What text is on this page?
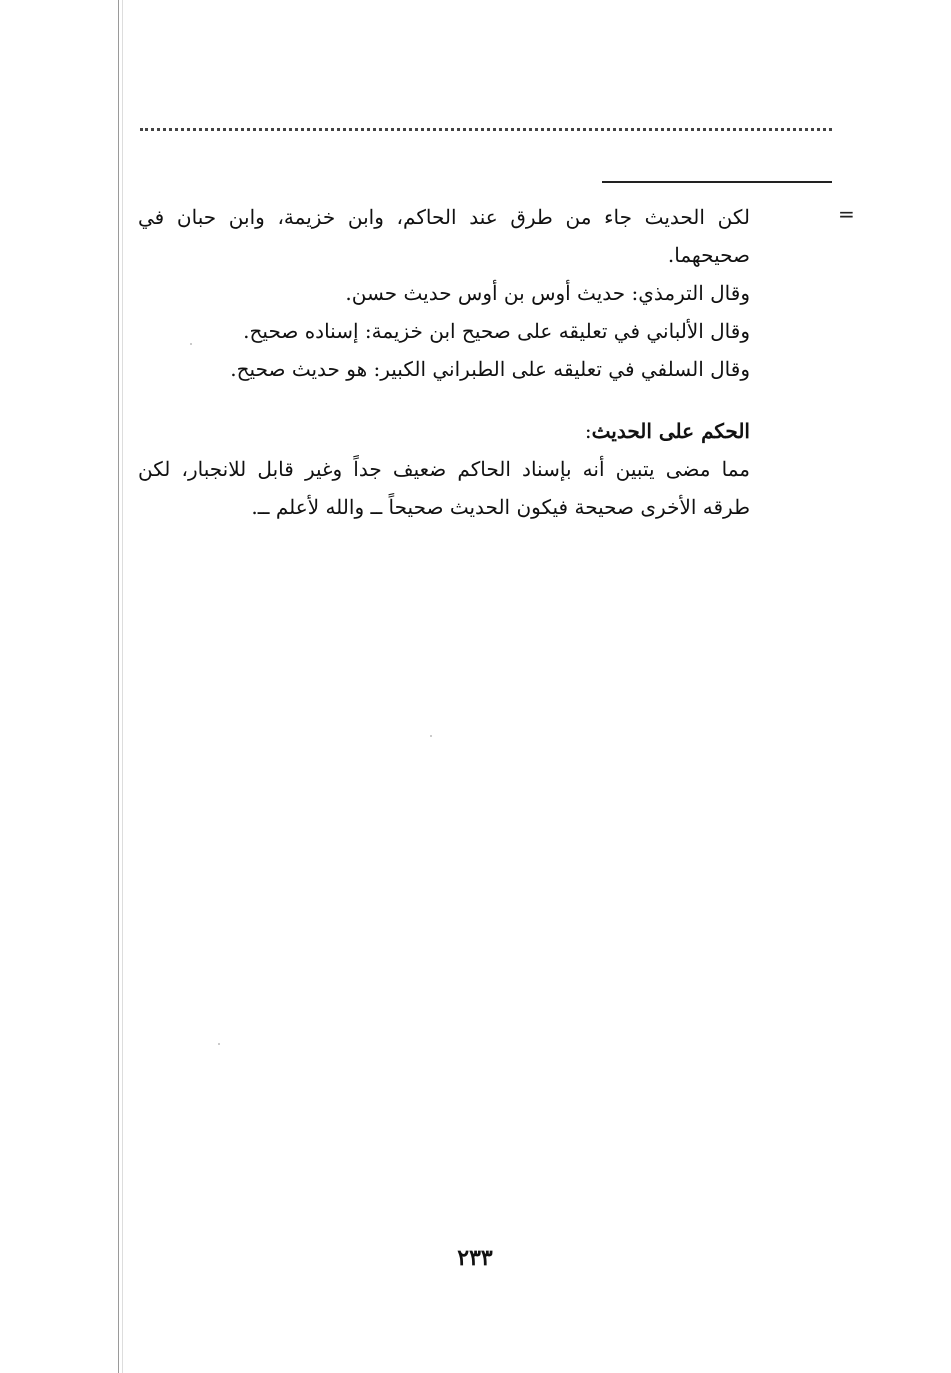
=

لكن الحديث جاء من طرق عند الحاكم، وابن خزيمة، وابن حبان في صحيحهما.

وقال الترمذي: حديث أوس بن أوس حديث حسن.

وقال الألباني في تعليقه على صحيح ابن خزيمة: إسناده صحيح.

وقال السلفي في تعليقه على الطبراني الكبير: هو حديث صحيح.

الحكم على الحديث:

مما مضى يتبين أنه بإسناد الحاكم ضعيف جداً وغير قابل للانجبار، لكن طرقه الأخرى صحيحة فيكون الحديث صحيحاً ــ والله لأعلم ــ.

٢٣٣
